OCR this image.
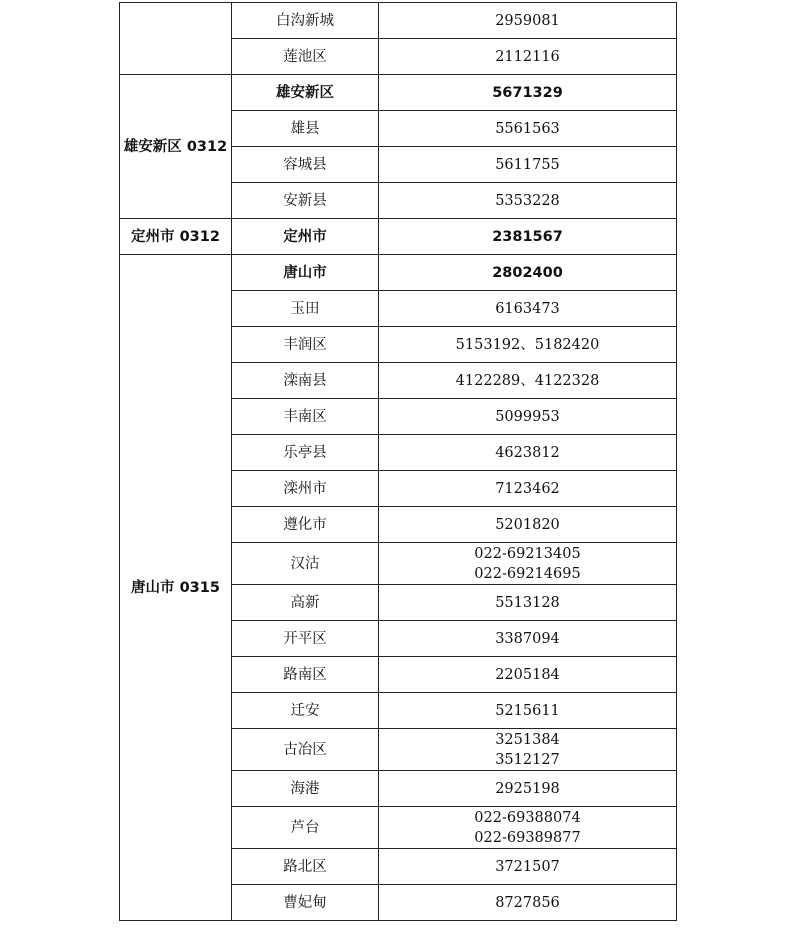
	白沟新城	2959081

	莲池区	2112116

雄安新区 0312	雄安新区	5671329

	雄县	5561563

	容城县	5611755

	安新县	5353228

定州市 0312	定州市	2381567

唐山市 0315	唐山市	2802400

	玉田	6163473

	丰润区	5153192、5182420

	滦南县	4122289、4122328

	丰南区	5099953

	乐亭县	4623812

	滦州市	7123462

	遵化市	5201820

	汉沽	022-69213405
022-69214695

	高新	5513128

	开平区	3387094

	路南区	2205184

	迁安	5215611

	古冶区	3251384
3512127

	海港	2925198

	芦台	022-69388074
022-69389877

	路北区	3721507

	曹妃甸	8727856
